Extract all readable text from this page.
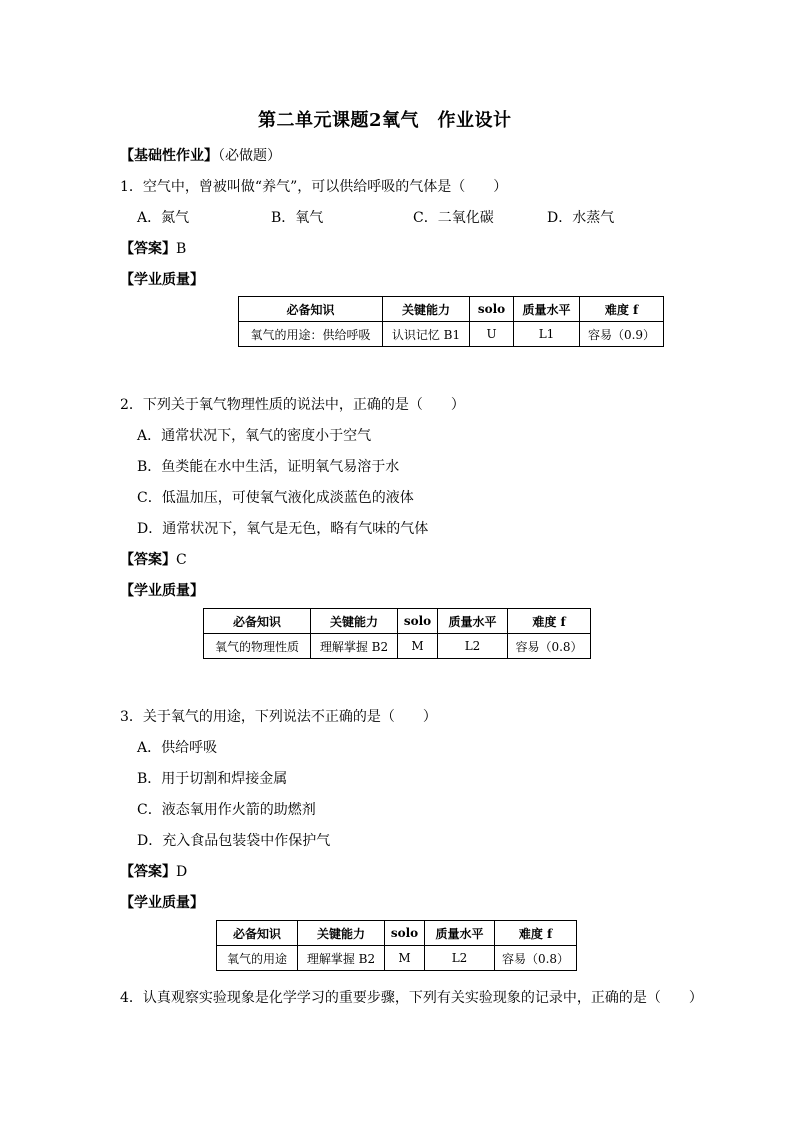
第二单元课题2氧气　作业设计
【基础性作业】（必做题）
1．空气中，曾被叫做“养气”，可以供给呼吸的气体是（　　）
A．氮气	B．氧气	C．二氧化碳	D．水蒸气
【答案】B
【学业质量】
必备知识	关键能力	solo	质量水平	难度 f
氧气的用途：供给呼吸	认识记忆 B1	U	L1	容易（0.9）
2．下列关于氧气物理性质的说法中，正确的是（　　）
A．通常状况下，氧气的密度小于空气
B．鱼类能在水中生活，证明氧气易溶于水
C．低温加压，可使氧气液化成淡蓝色的液体
D．通常状况下，氧气是无色，略有气味的气体
【答案】C
【学业质量】
必备知识	关键能力	solo	质量水平	难度 f
氧气的物理性质	理解掌握 B2	M	L2	容易（0.8）
3．关于氧气的用途，下列说法不正确的是（　　）
A．供给呼吸
B．用于切割和焊接金属
C．液态氧用作火箭的助燃剂
D．充入食品包装袋中作保护气
【答案】D
【学业质量】
必备知识	关键能力	solo	质量水平	难度 f
氧气的用途	理解掌握 B2	M	L2	容易（0.8）
4．认真观察实验现象是化学学习的重要步骤，下列有关实验现象的记录中，正确的是（　　）
